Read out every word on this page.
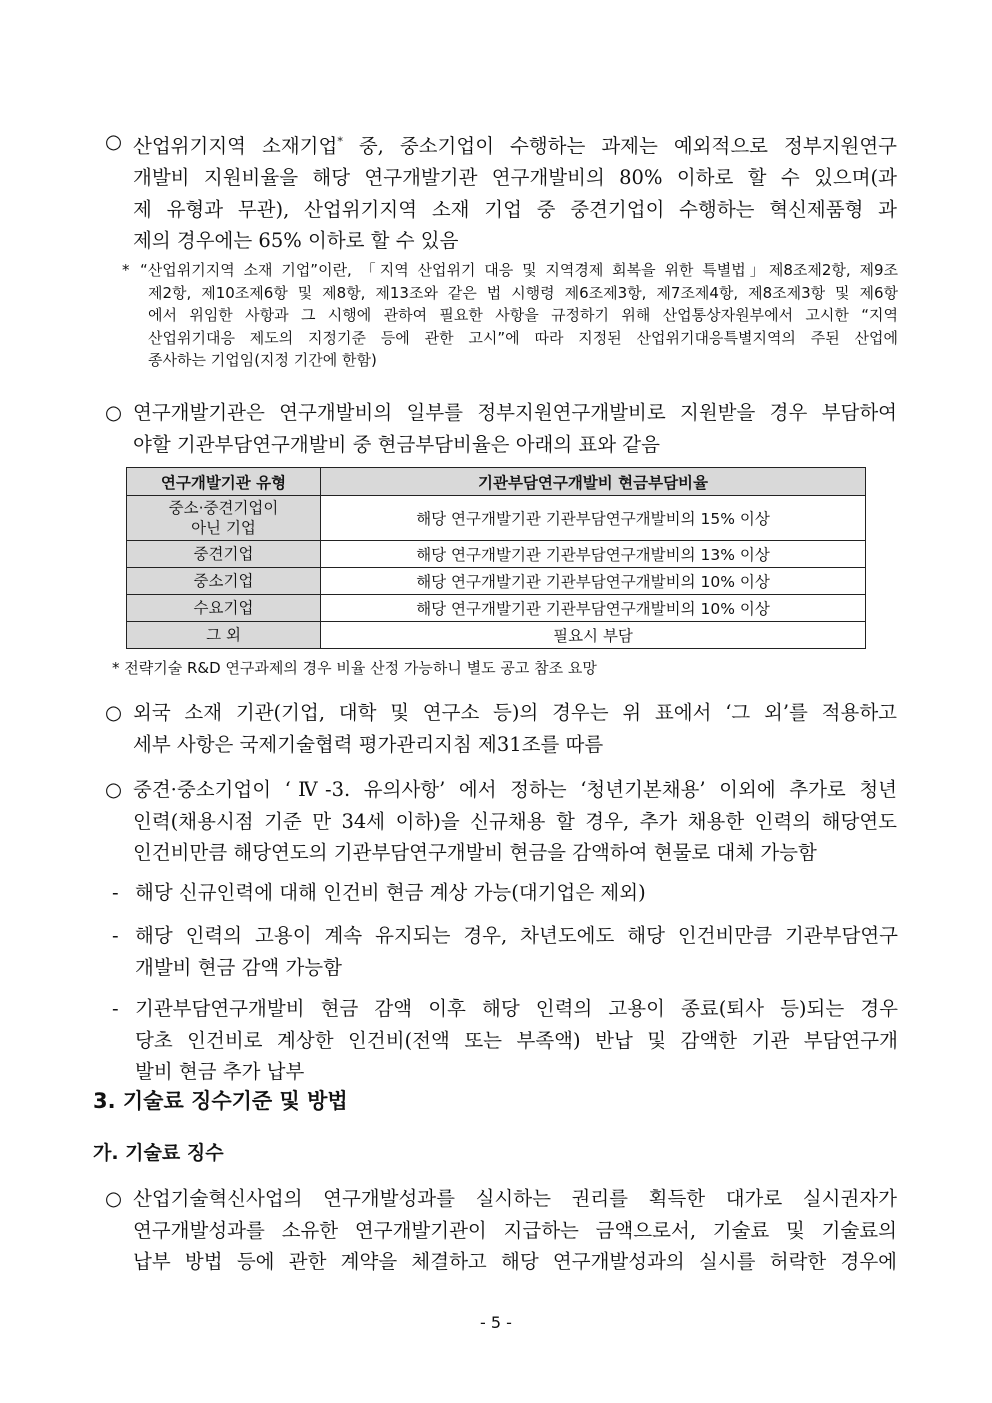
○ 산업위기지역 소재기업* 중, 중소기업이 수행하는 과제는 예외적으로 정부지원연구
개발비 지원비율을 해당 연구개발기관 연구개발비의 80% 이하로 할 수 있으며(과
제 유형과 무관), 산업위기지역 소재 기업 중 중견기업이 수행하는 혁신제품형 과
제의 경우에는 65% 이하로 할 수 있음
* “산업위기지역 소재 기업”이란, 「지역 산업위기 대응 및 지역경제 회복을 위한 특별법」제8조제2항, 제9조
제2항, 제10조제6항 및 제8항, 제13조와 같은 법 시행령 제6조제3항, 제7조제4항, 제8조제3항 및 제6항
에서 위임한 사항과 그 시행에 관하여 필요한 사항을 규정하기 위해 산업통상자원부에서 고시한 “지역
산업위기대응 제도의 지정기준 등에 관한 고시”에 따라 지정된 산업위기대응특별지역의 주된 산업에
종사하는 기업임(지정 기간에 한함)
○ 연구개발기관은 연구개발비의 일부를 정부지원연구개발비로 지원받을 경우 부담하여
야할 기관부담연구개발비 중 현금부담비율은 아래의 표와 같음
연구개발기관 유형	기관부담연구개발비 현금부담비율
중소·중견기업이
아닌 기업	해당 연구개발기관 기관부담연구개발비의 15% 이상
중견기업	해당 연구개발기관 기관부담연구개발비의 13% 이상
중소기업	해당 연구개발기관 기관부담연구개발비의 10% 이상
수요기업	해당 연구개발기관 기관부담연구개발비의 10% 이상
그 외	필요시 부담
* 전략기술 R&D 연구과제의 경우 비율 산정 가능하니 별도 공고 참조 요망
○ 외국 소재 기관(기업, 대학 및 연구소 등)의 경우는 위 표에서 ‘그 외’를 적용하고
세부 사항은 국제기술협력 평가관리지침 제31조를 따름
○ 중견·중소기업이 ‘Ⅳ-3. 유의사항’ 에서 정하는 ‘청년기본채용’ 이외에 추가로 청년
인력(채용시점 기준 만 34세 이하)을 신규채용 할 경우, 추가 채용한 인력의 해당연도
인건비만큼 해당연도의 기관부담연구개발비 현금을 감액하여 현물로 대체 가능함
- 해당 신규인력에 대해 인건비 현금 계상 가능(대기업은 제외)
- 해당 인력의 고용이 계속 유지되는 경우, 차년도에도 해당 인건비만큼 기관부담연구
개발비 현금 감액 가능함
- 기관부담연구개발비 현금 감액 이후 해당 인력의 고용이 종료(퇴사 등)되는 경우
당초 인건비로 계상한 인건비(전액 또는 부족액) 반납 및 감액한 기관 부담연구개
발비 현금 추가 납부
3. 기술료 징수기준 및 방법
가. 기술료 징수
○ 산업기술혁신사업의 연구개발성과를 실시하는 권리를 획득한 대가로 실시권자가
연구개발성과를 소유한 연구개발기관이 지급하는 금액으로서, 기술료 및 기술료의
납부 방법 등에 관한 계약을 체결하고 해당 연구개발성과의 실시를 허락한 경우에
- 5 -
